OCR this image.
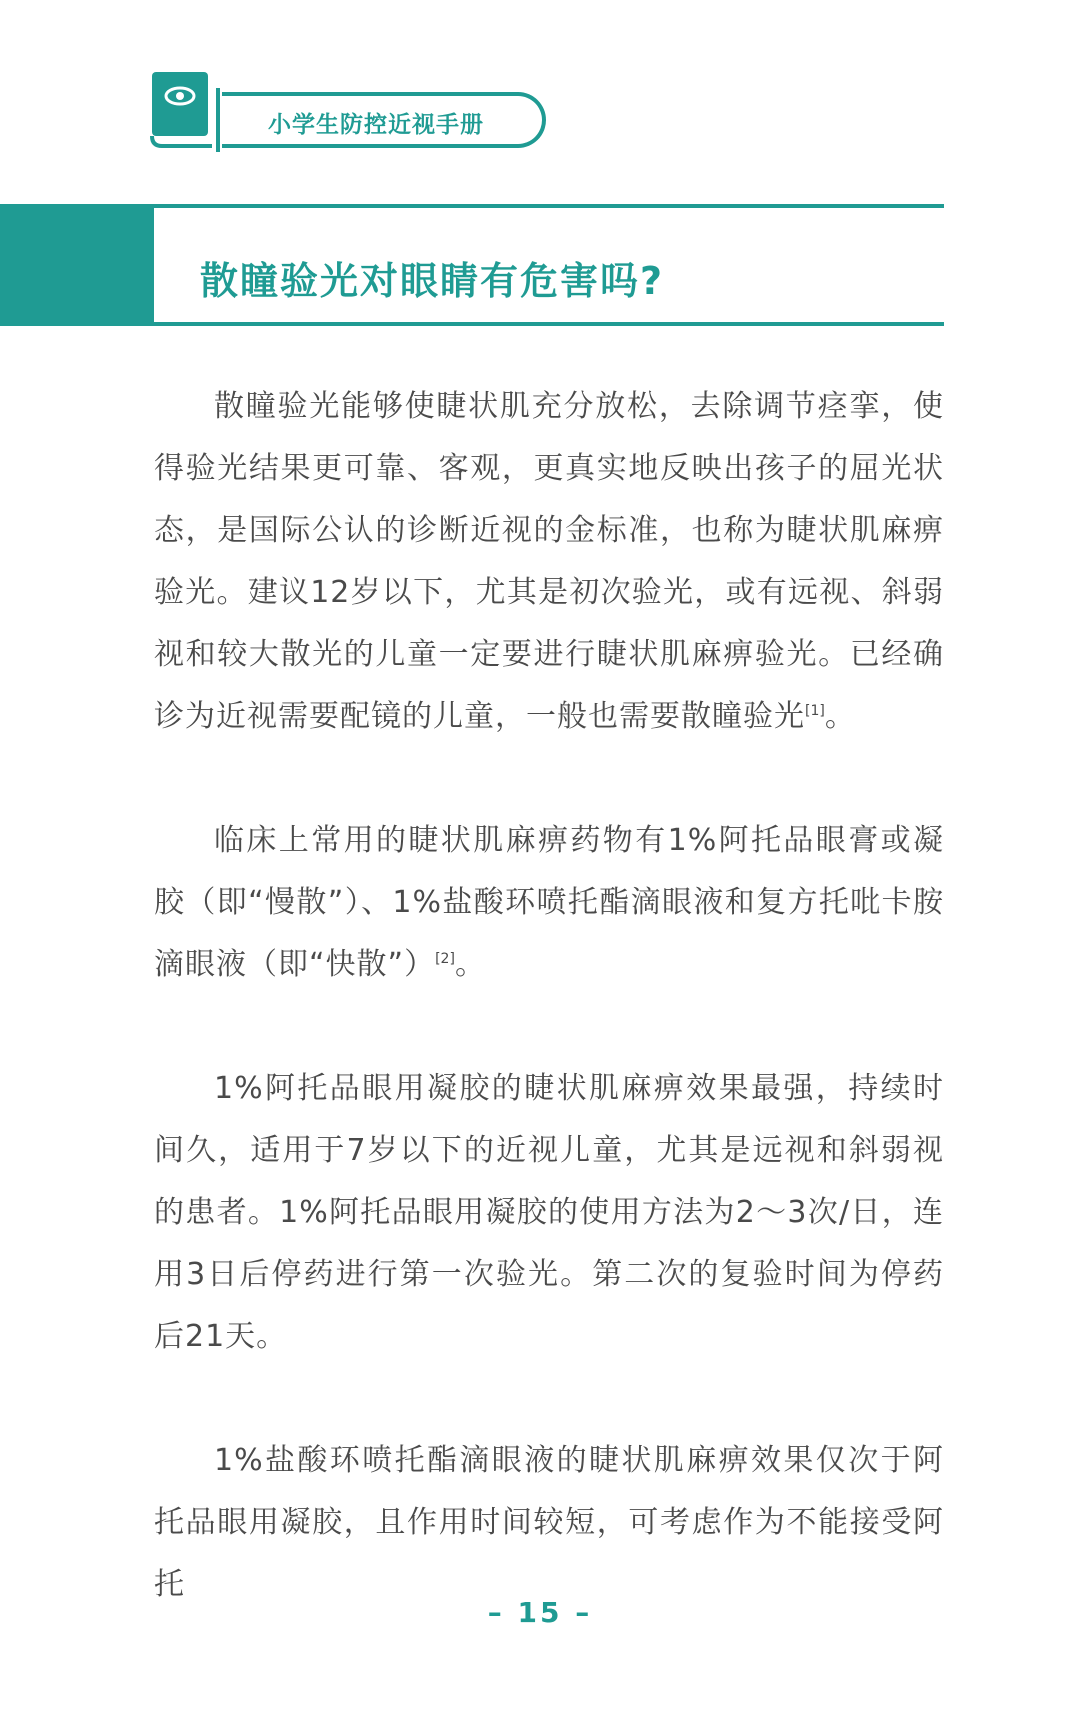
小学生防控近视手册
散瞳验光对眼睛有危害吗?

散瞳验光能够使睫状肌充分放松，去除调节痉挛，使得验光结果更可靠、客观，更真实地反映出孩子的屈光状态，是国际公认的诊断近视的金标准，也称为睫状肌麻痹验光。建议12岁以下，尤其是初次验光，或有远视、斜弱视和较大散光的儿童一定要进行睫状肌麻痹验光。已经确诊为近视需要配镜的儿童，一般也需要散瞳验光[1]。

临床上常用的睫状肌麻痹药物有1%阿托品眼膏或凝胶（即“慢散”）、1%盐酸环喷托酯滴眼液和复方托吡卡胺滴眼液（即“快散”）[2]。

1%阿托品眼用凝胶的睫状肌麻痹效果最强，持续时间久，适用于7岁以下的近视儿童，尤其是远视和斜弱视的患者。1%阿托品眼用凝胶的使用方法为2～3次/日，连用3日后停药进行第一次验光。第二次的复验时间为停药后21天。

1%盐酸环喷托酯滴眼液的睫状肌麻痹效果仅次于阿托品眼用凝胶，且作用时间较短，可考虑作为不能接受阿托

– 15 –
